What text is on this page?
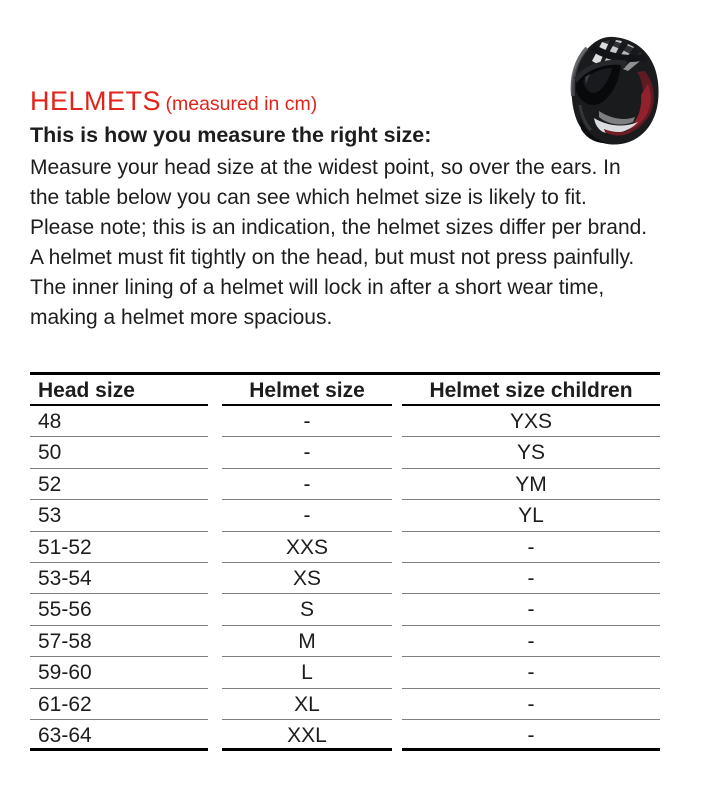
HELMETS (measured in cm)
This is how you measure the right size:
Measure your head size at the widest point, so over the ears. In
the table below you can see which helmet size is likely to fit.
Please note; this is an indication, the helmet sizes differ per brand.
A helmet must fit tightly on the head, but must not press painfully.
The inner lining of a helmet will lock in after a short wear time,
making a helmet more spacious.
Head size	Helmet size	Helmet size children
48	-	YXS
50	-	YS
52	-	YM
53	-	YL
51-52	XXS	-
53-54	XS	-
55-56	S	-
57-58	M	-
59-60	L	-
61-62	XL	-
63-64	XXL	-
